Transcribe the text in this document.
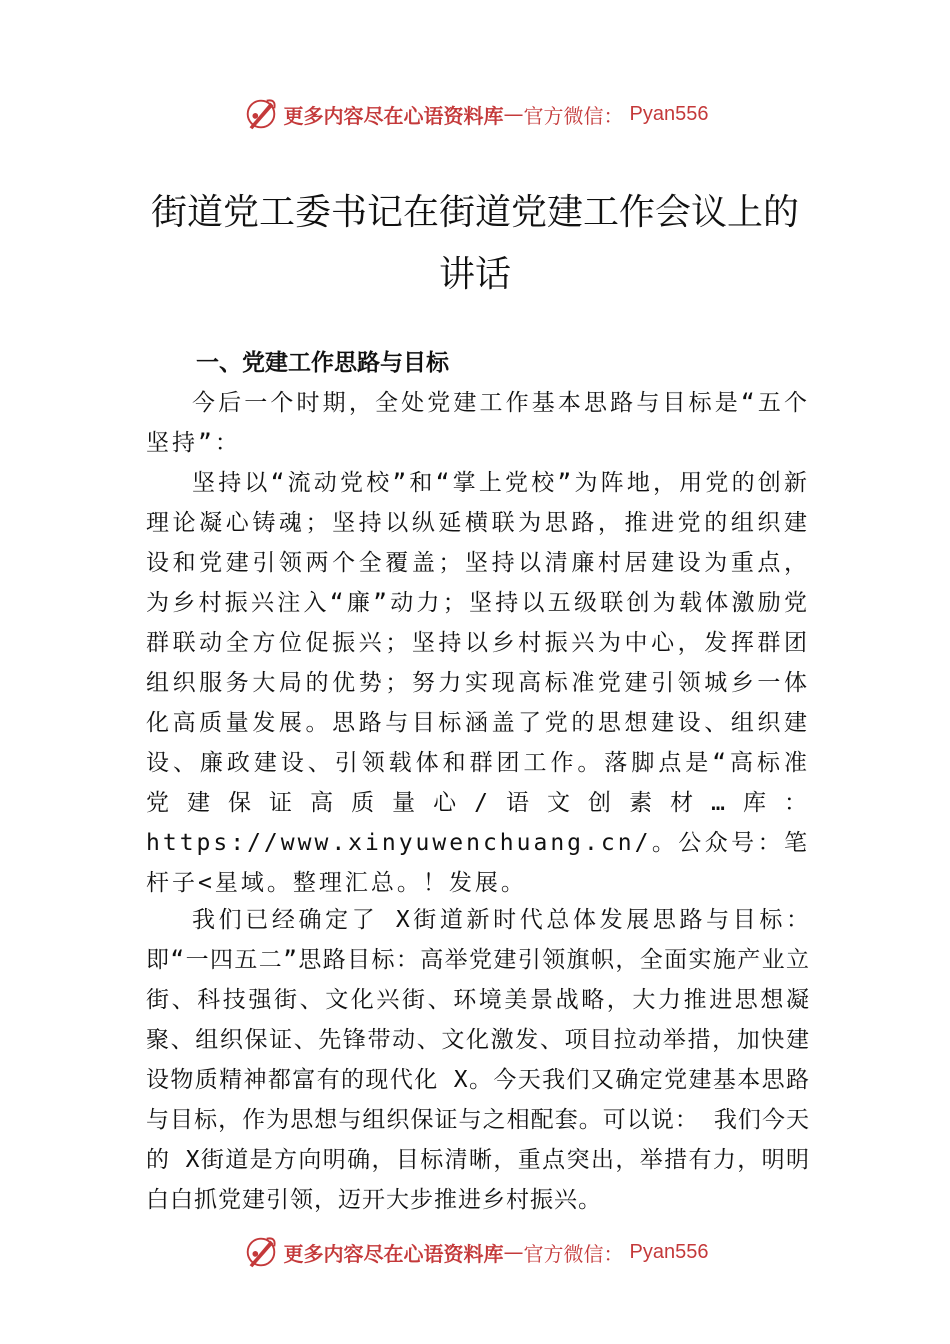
更多内容尽在心语资料库 — 官方微信： Pyan556
街道党工委书记在街道党建工作会议上的讲话
一、党建工作思路与目标

今后一个时期，全处党建工作基本思路与目标是“五个坚持”：

坚持以“流动党校”和“掌上党校”为阵地，用党的创新理论凝心铸魂；坚持以纵延横联为思路，推进党的组织建设和党建引领两个全覆盖；坚持以清廉村居建设为重点，为乡村振兴注入“廉”动力；坚持以五级联创为载体激励党群联动全方位促振兴；坚持以乡村振兴为中心，发挥群团组织服务大局的优势；努力实现高标准党建引领城乡一体化高质量发展。思路与目标涵盖了党的思想建设、组织建设、廉政建设、引领载体和群团工作。落脚点是“高标准党建保证高质量心/语文创素材…库：https://www.xinyuwenchuang.cn/。公众号：笔杆子<星域。整理汇总。！发展。

我们已经确定了 X街道新时代总体发展思路与目标：即“一四五二”思路目标：高举党建引领旗帜，全面实施产业立街、科技强街、文化兴街、环境美景战略，大力推进思想凝聚、组织保证、先锋带动、文化激发、项目拉动举措，加快建设物质精神都富有的现代化 X。今天我们又确定党建基本思路与目标，作为思想与组织保证与之相配套。可以说： 我们今天的 X街道是方向明确，目标清晰，重点突出，举措有力，明明白白抓党建引领，迈开大步推进乡村振兴。

更多内容尽在心语资料库 — 官方微信： Pyan556
